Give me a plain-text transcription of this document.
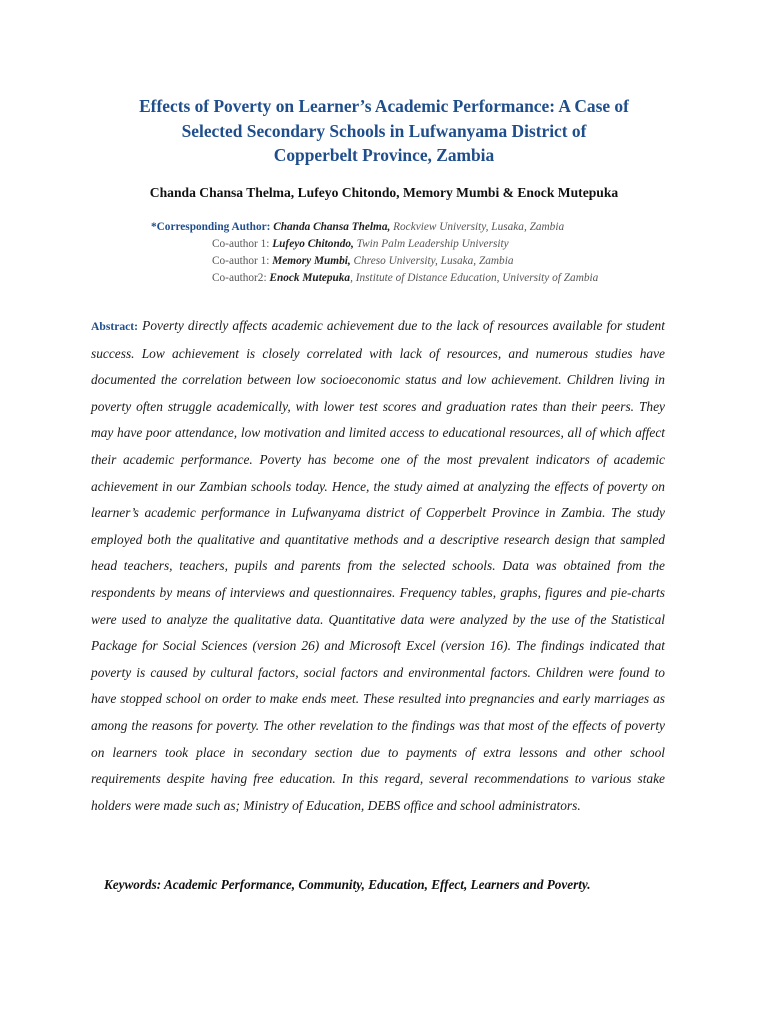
Effects of Poverty on Learner’s Academic Performance: A Case of
Selected Secondary Schools in Lufwanyama District of
Copperbelt Province, Zambia
Chanda Chansa Thelma, Lufeyo Chitondo, Memory Mumbi & Enock Mutepuka
*Corresponding Author: Chanda Chansa Thelma, Rockview University, Lusaka, Zambia
Co-author 1: Lufeyo Chitondo, Twin Palm Leadership University
Co-author 1: Memory Mumbi, Chreso University, Lusaka, Zambia
Co-author2: Enock Mutepuka, Institute of Distance Education, University of Zambia
Abstract: Poverty directly affects academic achievement due to the lack of resources available for student success. Low achievement is closely correlated with lack of resources, and numerous studies have documented the correlation between low socioeconomic status and low achievement. Children living in poverty often struggle academically, with lower test scores and graduation rates than their peers. They may have poor attendance, low motivation and limited access to educational resources, all of which affect their academic performance. Poverty has become one of the most prevalent indicators of academic achievement in our Zambian schools today. Hence, the study aimed at analyzing the effects of poverty on learner’s academic performance in Lufwanyama district of Copperbelt Province in Zambia. The study employed both the qualitative and quantitative methods and a descriptive research design that sampled head teachers, teachers, pupils and parents from the selected schools. Data was obtained from the respondents by means of interviews and questionnaires. Frequency tables, graphs, figures and pie-charts were used to analyze the qualitative data. Quantitative data were analyzed by the use of the Statistical Package for Social Sciences (version 26) and Microsoft Excel (version 16). The findings indicated that poverty is caused by cultural factors, social factors and environmental factors. Children were found to have stopped school on order to make ends meet. These resulted into pregnancies and early marriages as among the reasons for poverty. The other revelation to the findings was that most of the effects of poverty on learners took place in secondary section due to payments of extra lessons and other school requirements despite having free education. In this regard, several recommendations to various stake holders were made such as; Ministry of Education, DEBS office and school administrators.
Keywords: Academic Performance, Community, Education, Effect, Learners and Poverty.
